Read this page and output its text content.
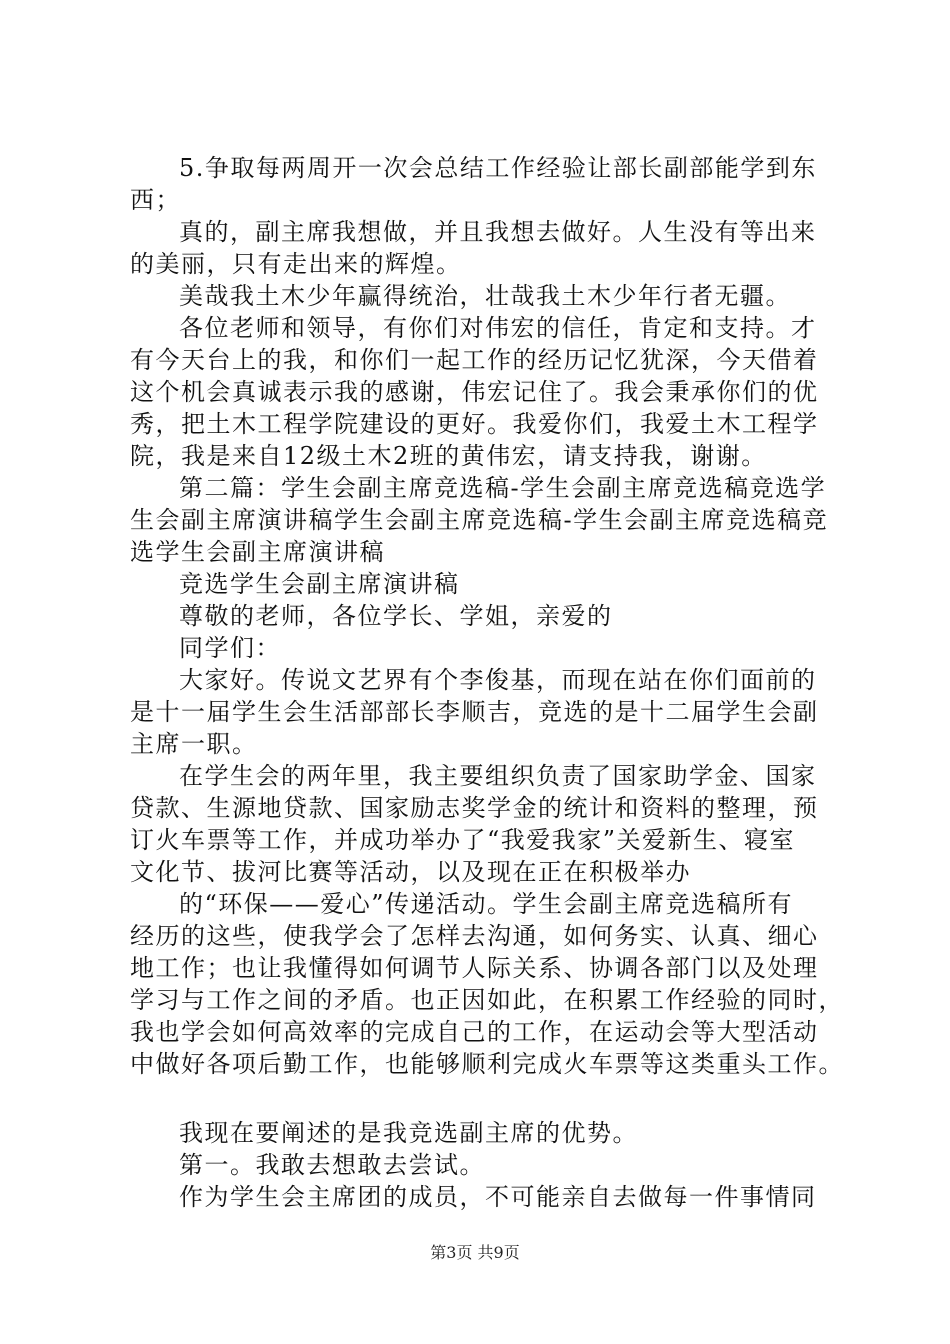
5.争取每两周开一次会总结工作经验让部长副部能学到东
西；
真的，副主席我想做，并且我想去做好。人生没有等出来
的美丽，只有走出来的辉煌。
美哉我土木少年赢得统治，壮哉我土木少年行者无疆。
各位老师和领导，有你们对伟宏的信任，肯定和支持。才
有今天台上的我，和你们一起工作的经历记忆犹深，今天借着
这个机会真诚表示我的感谢，伟宏记住了。我会秉承你们的优
秀，把土木工程学院建设的更好。我爱你们，我爱土木工程学
院，我是来自12级土木2班的黄伟宏，请支持我，谢谢。
第二篇：学生会副主席竞选稿-学生会副主席竞选稿竞选学
生会副主席演讲稿学生会副主席竞选稿-学生会副主席竞选稿竞
选学生会副主席演讲稿
竞选学生会副主席演讲稿
尊敬的老师，各位学长、学姐，亲爱的
同学们：
大家好。传说文艺界有个李俊基，而现在站在你们面前的
是十一届学生会生活部部长李顺吉，竞选的是十二届学生会副
主席一职。
在学生会的两年里，我主要组织负责了国家助学金、国家
贷款、生源地贷款、国家励志奖学金的统计和资料的整理，预
订火车票等工作，并成功举办了“我爱我家”关爱新生、寝室
文化节、拔河比赛等活动，以及现在正在积极举办
的“环保——爱心”传递活动。学生会副主席竞选稿所有
经历的这些，使我学会了怎样去沟通，如何务实、认真、细心
地工作；也让我懂得如何调节人际关系、协调各部门以及处理
学习与工作之间的矛盾。也正因如此，在积累工作经验的同时，
我也学会如何高效率的完成自己的工作，在运动会等大型活动
中做好各项后勤工作，也能够顺利完成火车票等这类重头工作。
我现在要阐述的是我竞选副主席的优势。
第一。我敢去想敢去尝试。
作为学生会主席团的成员，不可能亲自去做每一件事情同
第3页 共9页
